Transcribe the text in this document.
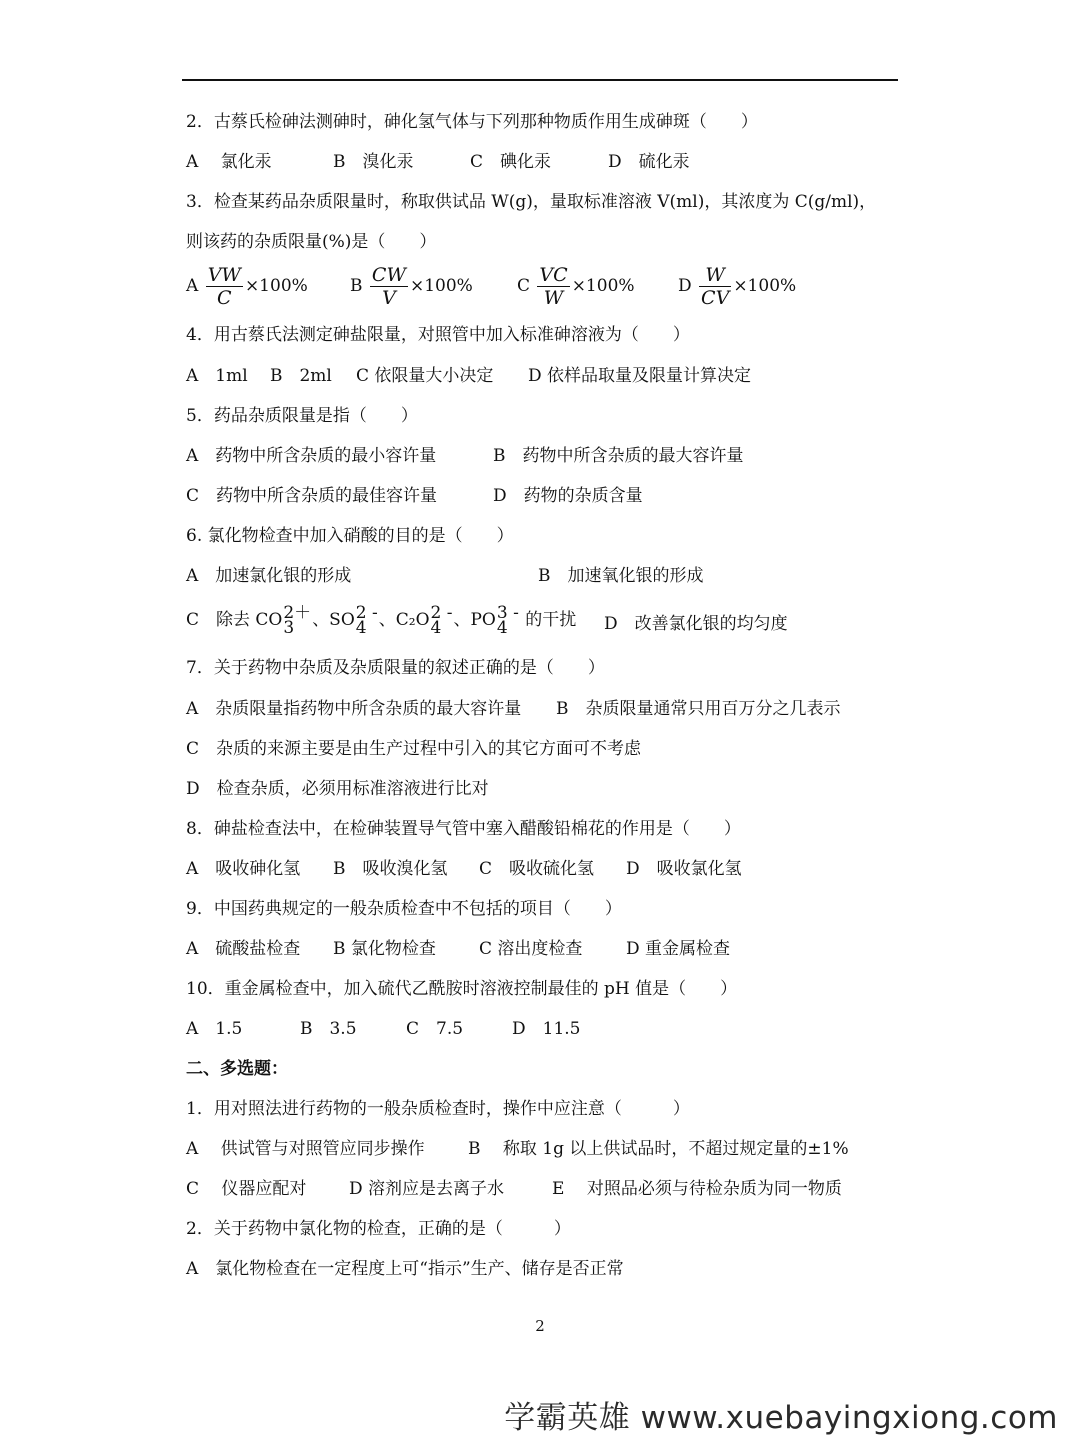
2．古蔡氏检砷法测砷时，砷化氢气体与下列那种物质作用生成砷斑（　　）
A　 氯化汞	B　溴化汞	C　碘化汞	D　硫化汞
3．检查某药品杂质限量时，称取供试品 W(g)，量取标准溶液 V(ml)，其浓度为 C(g/ml)，
则该药的杂质限量(%)是（　　）
A $\frac{VW}{C} \times 100\%$ B $\frac{CW}{V} \times 100\%$	C $\frac{VC}{W} \times 100\%$	D $\frac{W}{CV} \times 100\%$
4．用古蔡氏法测定砷盐限量，对照管中加入标准砷溶液为（　　）
A　1ml B　2ml C 依限量大小决定 D 依样品取量及限量计算决定
5．药品杂质限量是指（　　）
A　药物中所含杂质的最小容许量	B　药物中所含杂质的最大容许量
C　药物中所含杂质的最佳容许量	D　药物的杂质含量
6. 氯化物检查中加入硝酸的目的是（　　）
A　加速氯化银的形成	B　加速氧化银的形成
C　除去 CO 2＋
3	、SO 2 -
4 、C₂O 2 -
4 、PO 3 -
4 的干扰 D　改善氯化银的均匀度
7．关于药物中杂质及杂质限量的叙述正确的是（　　）
A　杂质限量指药物中所含杂质的最大容许量 B　杂质限量通常只用百万分之几表示
C　杂质的来源主要是由生产过程中引入的其它方面可不考虑
D　检查杂质，必须用标准溶液进行比对
8．砷盐检查法中，在检砷装置导气管中塞入醋酸铅棉花的作用是（　　）
A　吸收砷化氢 B　吸收溴化氢 C　吸收硫化氢 D　吸收氯化氢
9．中国药典规定的一般杂质检查中不包括的项目（　　）
A　硫酸盐检查 B 氯化物检查	C 溶出度检查	D 重金属检查
10．重金属检查中，加入硫代乙酰胺时溶液控制最佳的 pH 值是（　　）
A　1.5	B　3.5	C　7.5	D　11.5
二、多选题：
1．用对照法进行药物的一般杂质检查时，操作中应注意（　　　）
A　 供试管与对照管应同步操作	B　 称取 1g 以上供试品时，不超过规定量的±1%
C　 仪器应配对	D 溶剂应是去离子水	E　 对照品必须与待检杂质为同一物质
2．关于药物中氯化物的检查，正确的是（　　　）
A　氯化物检查在一定程度上可“指示”生产、储存是否正常
2
学霸英雄 www.xuebayingxiong.com
